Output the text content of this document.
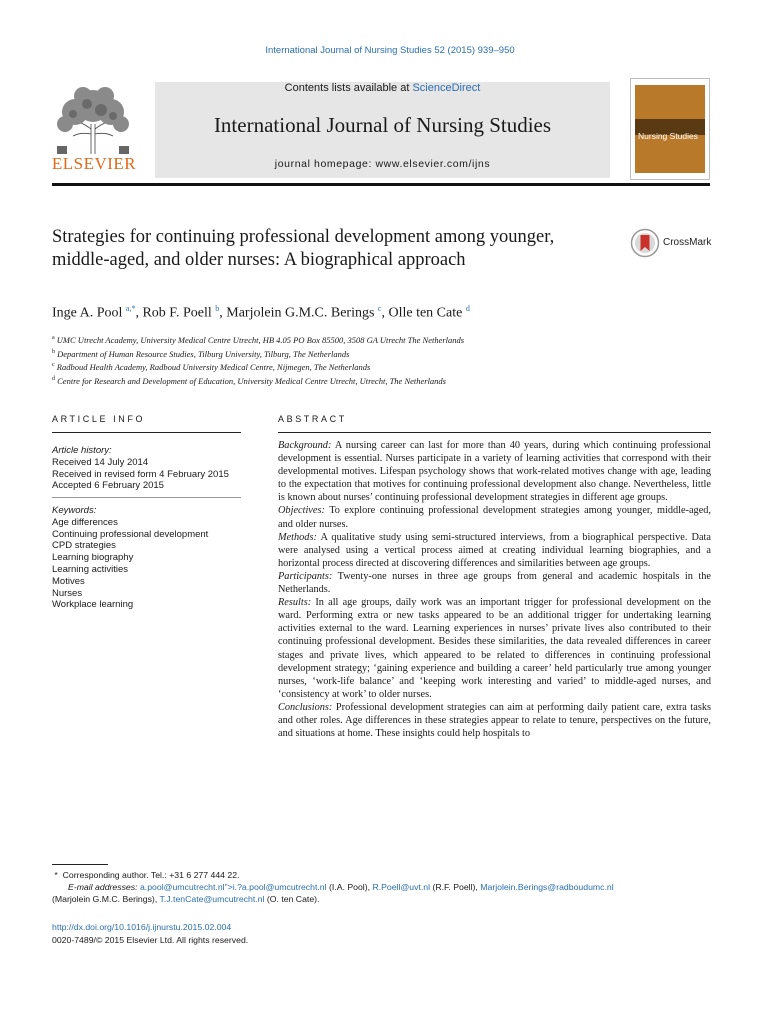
International Journal of Nursing Studies 52 (2015) 939–950
Contents lists available at ScienceDirect
International Journal of Nursing Studies
journal homepage: www.elsevier.com/ijns
ELSEVIER
Nursing Studies
Strategies for continuing professional development among younger, middle-aged, and older nurses: A biographical approach
CrossMark
Inge A. Pool $^{a,*}$, Rob F. Poell $^b$, Marjolein G.M.C. Berings $^c$, Olle ten Cate $^d$
$^a$ UMC Utrecht Academy, University Medical Centre Utrecht, HB 4.05 PO Box 85500, 3508 GA Utrecht The Netherlands
$^b$ Department of Human Resource Studies, Tilburg University, Tilburg, The Netherlands
$^c$ Radboud Health Academy, Radboud University Medical Centre, Nijmegen, The Netherlands
$^d$ Centre for Research and Development of Education, University Medical Centre Utrecht, Utrecht, The Netherlands
ARTICLE INFO
Article history:
Received 14 July 2014
Received in revised form 4 February 2015
Accepted 6 February 2015
Keywords:
Age differences
Continuing professional development
CPD strategies
Learning biography
Learning activities
Motives
Nurses
Workplace learning
ABSTRACT

Background: A nursing career can last for more than 40 years, during which continuing professional development is essential. Nurses participate in a variety of learning activities that correspond with their developmental motives. Lifespan psychology shows that work-related motives change with age, leading to the expectation that motives for continuing professional development also change. Nevertheless, little is known about nurses’ continuing professional development strategies in different age groups.

Objectives: To explore continuing professional development strategies among younger, middle-aged, and older nurses.

Methods: A qualitative study using semi-structured interviews, from a biographical perspective. Data were analysed using a vertical process aimed at creating individual learning biographies, and a horizontal process directed at discovering differences and similarities between age groups.

Participants: Twenty-one nurses in three age groups from general and academic hospitals in the Netherlands.

Results: In all age groups, daily work was an important trigger for professional development on the ward. Performing extra or new tasks appeared to be an additional trigger for undertaking learning activities external to the ward. Learning experiences in nurses’ private lives also contributed to their continuing professional development. Besides these similarities, the data revealed differences in career stages and private lives, which appeared to be related to differences in continuing professional development strategy; ‘gaining experience and building a career’ held particularly true among younger nurses, ‘work-life balance’ and ‘keeping work interesting and varied’ to middle-aged nurses, and ‘consistency at work’ to older nurses.

Conclusions: Professional development strategies can aim at performing daily patient care, extra tasks and other roles. Age differences in these strategies appear to relate to tenure, perspectives on the future, and situations at home. These insights could help hospitals to

* Corresponding author. Tel.: +31 6 277 444 22.
E-mail addresses: a.pool@umcutrecht.nl">i.?a.pool@umcutrecht.nl (I.A. Pool), R.Poell@uvt.nl (R.F. Poell), Marjolein.Berings@radboudumc.nl
(Marjolein G.M.C. Berings), T.J.tenCate@umcutrecht.nl (O. ten Cate).
http://dx.doi.org/10.1016/j.ijnurstu.2015.02.004
0020-7489/© 2015 Elsevier Ltd. All rights reserved.
